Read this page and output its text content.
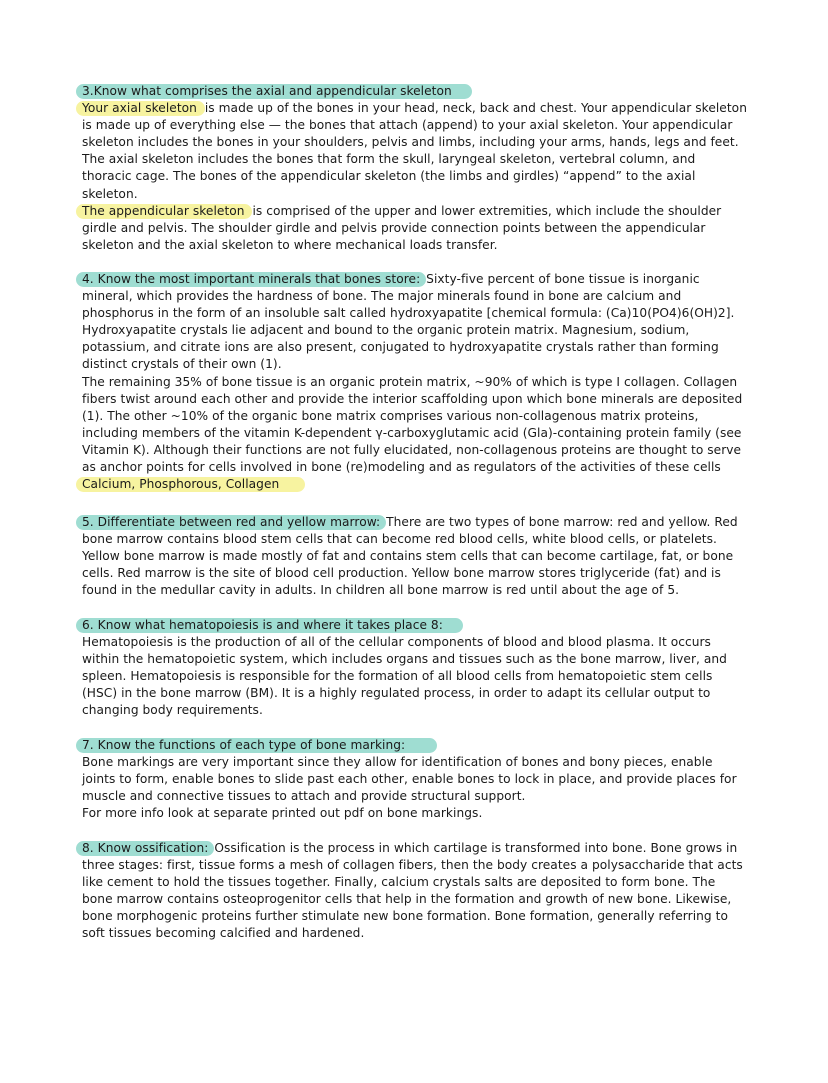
3.Know what comprises the axial and appendicular skeleton

Your axial skeleton is made up of the bones in your head, neck, back and chest. Your appendicular skeleton is made up of everything else — the bones that attach (append) to your axial skeleton. Your appendicular skeleton includes the bones in your shoulders, pelvis and limbs, including your arms, hands, legs and feet. The axial skeleton includes the bones that form the skull, laryngeal skeleton, vertebral column, and thoracic cage. The bones of the appendicular skeleton (the limbs and girdles) “append” to the axial skeleton.

The appendicular skeleton is comprised of the upper and lower extremities, which include the shoulder girdle and pelvis. The shoulder girdle and pelvis provide connection points between the appendicular skeleton and the axial skeleton to where mechanical loads transfer.

4. Know the most important minerals that bones store: Sixty-five percent of bone tissue is inorganic mineral, which provides the hardness of bone. The major minerals found in bone are calcium and phosphorus in the form of an insoluble salt called hydroxyapatite [chemical formula: (Ca)10(PO4)6(OH)2]. Hydroxyapatite crystals lie adjacent and bound to the organic protein matrix. Magnesium, sodium, potassium, and citrate ions are also present, conjugated to hydroxyapatite crystals rather than forming distinct crystals of their own (1).

The remaining 35% of bone tissue is an organic protein matrix, ~90% of which is type I collagen. Collagen fibers twist around each other and provide the interior scaffolding upon which bone minerals are deposited (1). The other ~10% of the organic bone matrix comprises various non-collagenous matrix proteins, including members of the vitamin K-dependent γ-carboxyglutamic acid (Gla)-containing protein family (see Vitamin K). Although their functions are not fully elucidated, non-collagenous proteins are thought to serve as anchor points for cells involved in bone (re)modeling and as regulators of the activities of these cells

Calcium, Phosphorous, Collagen

5. Differentiate between red and yellow marrow: There are two types of bone marrow: red and yellow. Red bone marrow contains blood stem cells that can become red blood cells, white blood cells, or platelets. Yellow bone marrow is made mostly of fat and contains stem cells that can become cartilage, fat, or bone cells. Red marrow is the site of blood cell production. Yellow bone marrow stores triglyceride (fat) and is found in the medullar cavity in adults. In children all bone marrow is red until about the age of 5.

6. Know what hematopoiesis is and where it takes place 8:

Hematopoiesis is the production of all of the cellular components of blood and blood plasma. It occurs within the hematopoietic system, which includes organs and tissues such as the bone marrow, liver, and spleen. Hematopoiesis is responsible for the formation of all blood cells from hematopoietic stem cells (HSC) in the bone marrow (BM). It is a highly regulated process, in order to adapt its cellular output to changing body requirements.

7. Know the functions of each type of bone marking:

Bone markings are very important since they allow for identification of bones and bony pieces, enable joints to form, enable bones to slide past each other, enable bones to lock in place, and provide places for muscle and connective tissues to attach and provide structural support.

For more info look at separate printed out pdf on bone markings.

8. Know ossification: Ossification is the process in which cartilage is transformed into bone. Bone grows in three stages: first, tissue forms a mesh of collagen fibers, then the body creates a polysaccharide that acts like cement to hold the tissues together. Finally, calcium crystals salts are deposited to form bone. The bone marrow contains osteoprogenitor cells that help in the formation and growth of new bone. Likewise, bone morphogenic proteins further stimulate new bone formation. Bone formation, generally referring to soft tissues becoming calcified and hardened.
